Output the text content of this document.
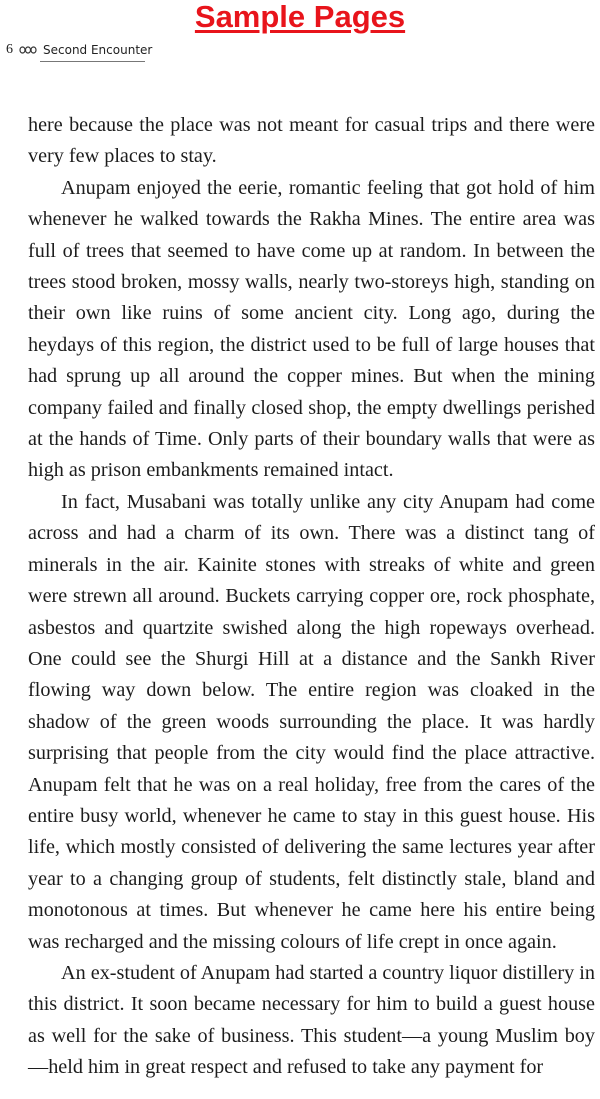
Sample Pages
6	Second Encounter

here because the place was not meant for casual trips and there were very few places to stay.

Anupam enjoyed the eerie, romantic feeling that got hold of him whenever he walked towards the Rakha Mines. The entire area was full of trees that seemed to have come up at random. In between the trees stood broken, mossy walls, nearly two-storeys high, standing on their own like ruins of some ancient city. Long ago, during the heydays of this region, the district used to be full of large houses that had sprung up all around the copper mines. But when the mining company failed and finally closed shop, the empty dwellings perished at the hands of Time. Only parts of their boundary walls that were as high as prison embankments remained intact.

In fact, Musabani was totally unlike any city Anupam had come across and had a charm of its own. There was a distinct tang of minerals in the air. Kainite stones with streaks of white and green were strewn all around. Buckets carrying copper ore, rock phosphate, asbestos and quartzite swished along the high ropeways overhead. One could see the Shurgi Hill at a distance and the Sankh River flowing way down below. The entire region was cloaked in the shadow of the green woods surrounding the place. It was hardly surprising that people from the city would find the place attractive. Anupam felt that he was on a real holiday, free from the cares of the entire busy world, whenever he came to stay in this guest house. His life, which mostly consisted of delivering the same lectures year after year to a changing group of students, felt distinctly stale, bland and monotonous at times. But whenever he came here his entire being was recharged and the missing colours of life crept in once again.

An ex-student of Anupam had started a country liquor distillery in this district. It soon became necessary for him to build a guest house as well for the sake of business. This student—a young Muslim boy—held him in great respect and refused to take any payment for
